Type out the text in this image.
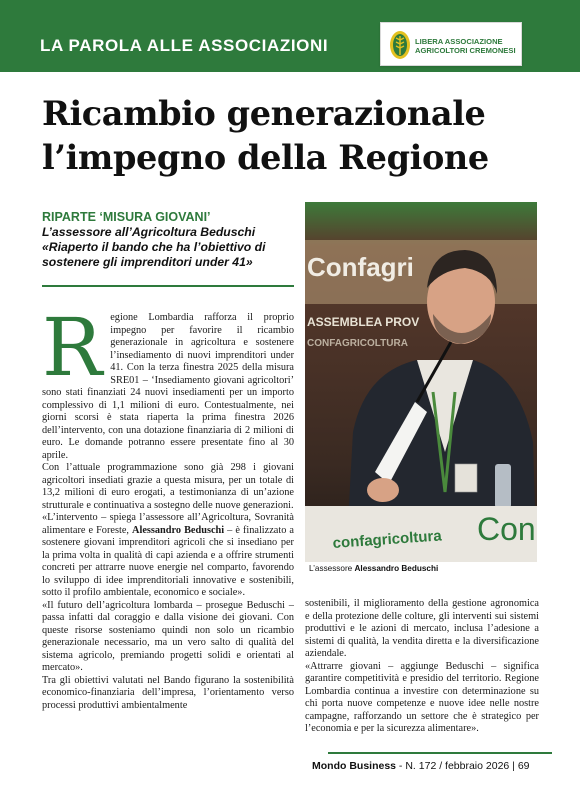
LA PAROLA ALLE ASSOCIAZIONI	LIBERA ASSOCIAZIONE
AGRICOLTORI CREMONESI
Ricambio generazionale
l’impegno della Regione
RIPARTE ‘MISURA GIOVANI’
L’assessore all’Agricoltura Beduschi «Riaperto il bando che ha l’obiettivo di sostenere gli imprenditori under 41»

Regione Lombardia rafforza il proprio impegno per favorire il ricambio generazionale in agricoltura e sostenere l’insediamento di nuovi imprenditori under 41. Con la terza finestra 2025 della misura SRE01 – ‘Insediamento giovani agricoltori’ sono stati finanziati 24 nuovi insediamenti per un importo complessivo di 1,1 milioni di euro. Contestualmente, nei giorni scorsi è stata riaperta la prima finestra 2026 dell’intervento, con una dotazione finanziaria di 2 milioni di euro. Le domande potranno essere presentate fino al 30 aprile.

Con l’attuale programmazione sono già 298 i giovani agricoltori insediati grazie a questa misura, per un totale di 13,2 milioni di euro erogati, a testimonianza di un’azione strutturale e continuativa a sostegno delle nuove generazioni.

«L’intervento – spiega l’assessore all’Agricoltura, Sovranità alimentare e Foreste, Alessandro Beduschi – è finalizzato a sostenere giovani imprenditori agricoli che si insediano per la prima volta in qualità di capi azienda e a offrire strumenti concreti per attrarre nuove energie nel comparto, favorendo lo sviluppo di idee imprenditoriali innovative e sostenibili, sotto il profilo ambientale, economico e sociale».

«Il futuro dell’agricoltura lombarda – prosegue Beduschi – passa infatti dal coraggio e dalla visione dei giovani. Con queste risorse sosteniamo quindi non solo un ricambio generazionale necessario, ma un vero salto di qualità del sistema agricolo, premiando progetti solidi e orientati al mercato».

Tra gli obiettivi valutati nel Bando figurano la sostenibilità economico-finanziaria dell’impresa, l’orientamento verso processi produttivi ambientalmente

Confagri
ASSEMBLEA PROV
CONFAGRICOLTURA
confagricoltura Con
L’assessore Alessandro Beduschi

sostenibili, il miglioramento della gestione agronomica e della protezione delle colture, gli interventi sui sistemi produttivi e le azioni di mercato, inclusa l’adesione a sistemi di qualità, la vendita diretta e la diversificazione aziendale.

«Attrarre giovani – aggiunge Beduschi – significa garantire competitività e presidio del territorio. Regione Lombardia continua a investire con determinazione su chi porta nuove competenze e nuove idee nelle nostre campagne, rafforzando un settore che è strategico per l’economia e per la sicurezza alimentare».

Mondo Business - N. 172 / febbraio 2026 | 69
